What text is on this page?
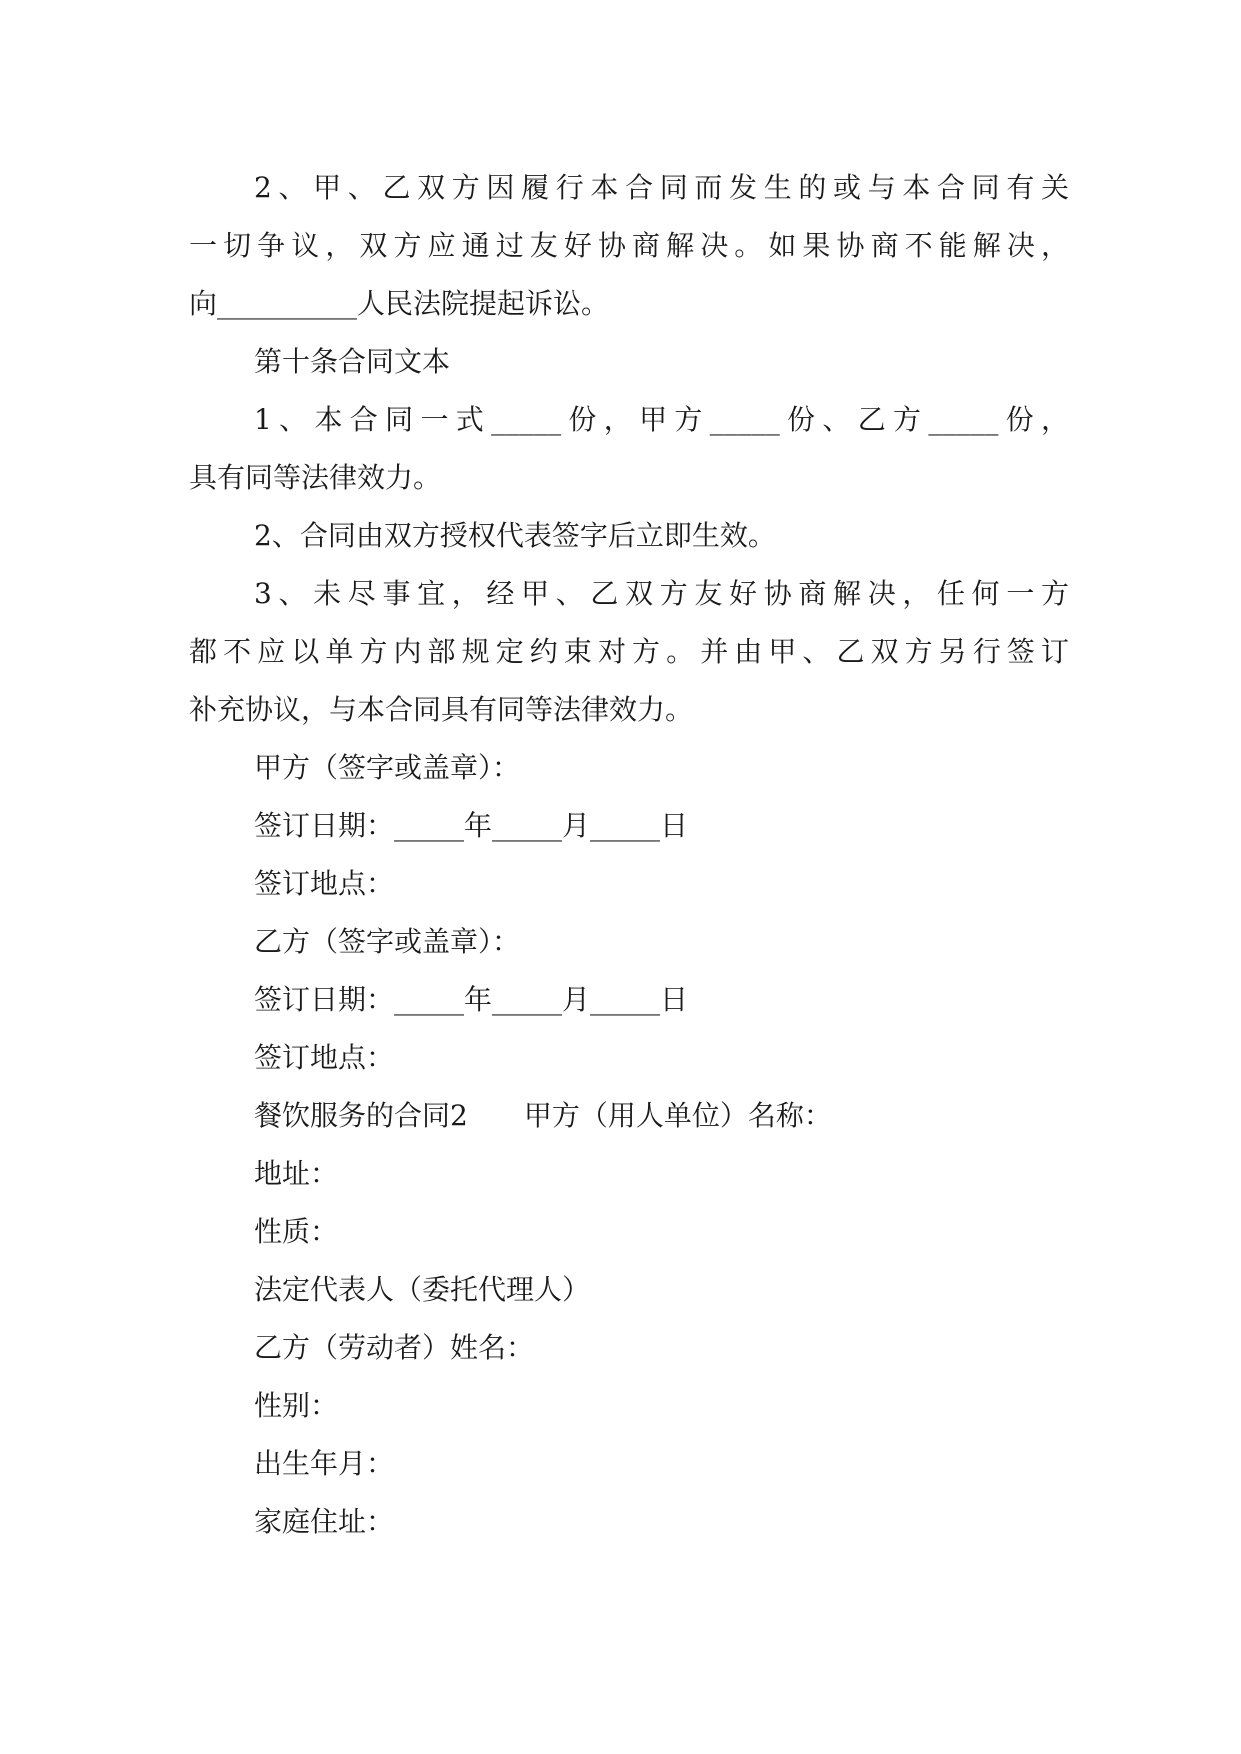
2、甲、乙双方因履行本合同而发生的或与本合同有关
一切争议，双方应通过友好协商解决。如果协商不能解决，
向__________人民法院提起诉讼。
第十条合同文本
1、本合同一式_____份，甲方_____份、乙方_____份，
具有同等法律效力。
2、合同由双方授权代表签字后立即生效。
3、未尽事宜，经甲、乙双方友好协商解决，任何一方
都不应以单方内部规定约束对方。并由甲、乙双方另行签订
补充协议，与本合同具有同等法律效力。
甲方（签字或盖章）：
签订日期：_____年_____月_____日
签订地点：
乙方（签字或盖章）：
签订日期：_____年_____月_____日
签订地点：
餐饮服务的合同2　　甲方（用人单位）名称：
地址：
性质：
法定代表人（委托代理人）
乙方（劳动者）姓名：
性别：
出生年月：
家庭住址：
